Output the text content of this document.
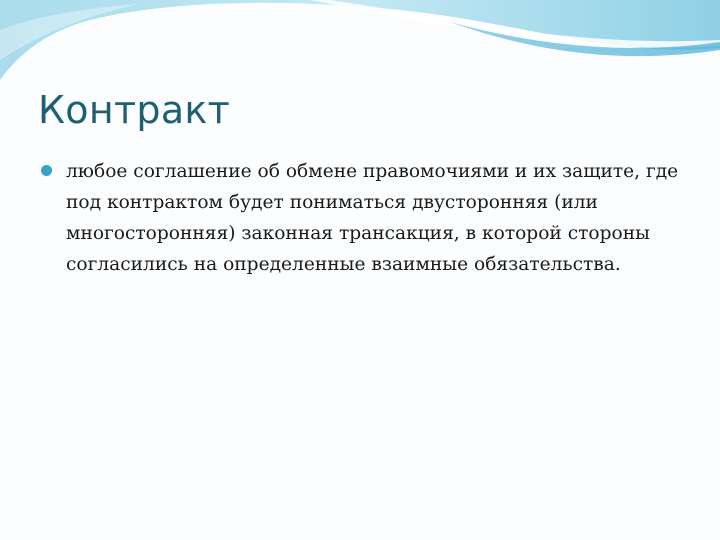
Контракт
любое соглашение об обмене правомочиями и их защите, где под контрактом будет пониматься двусторонняя (или многосторонняя) законная трансакция, в которой стороны согласились на определенные взаимные обязательства.
